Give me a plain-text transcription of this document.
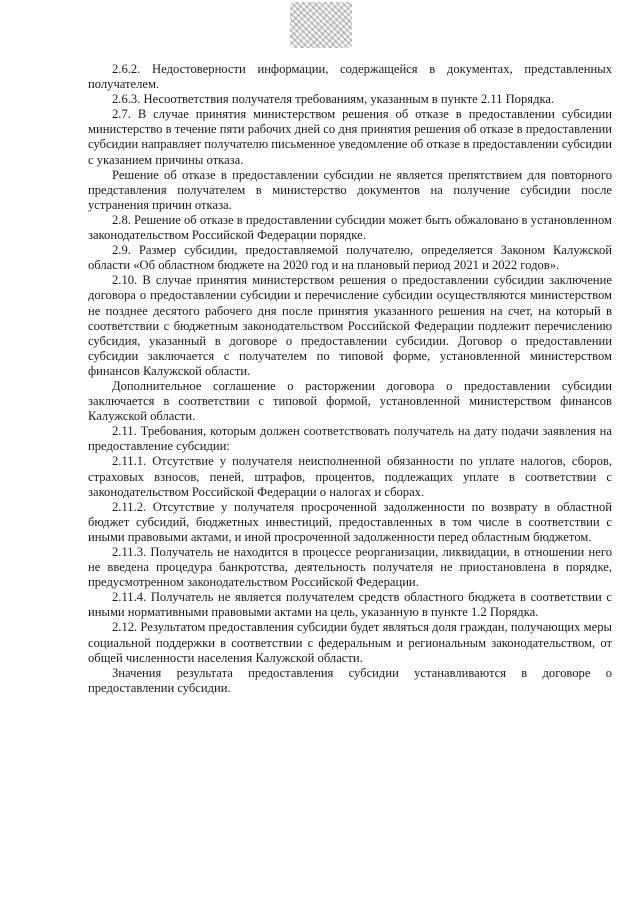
2.6.2. Недостоверности информации, содержащейся в документах, представленных получателем.

2.6.3. Несоответствия получателя требованиям, указанным в пункте 2.11 Порядка.

2.7. В случае принятия министерством решения об отказе в предоставлении субсидии министерство в течение пяти рабочих дней со дня принятия решения об отказе в предоставлении субсидии направляет получателю письменное уведомление об отказе в предоставлении субсидии с указанием причины отказа.

Решение об отказе в предоставлении субсидии не является препятствием для повторного представления получателем в министерство документов на получение субсидии после устранения причин отказа.

2.8. Решение об отказе в предоставлении субсидии может быть обжаловано в установленном законодательством Российской Федерации порядке.

2.9. Размер субсидии, предоставляемой получателю, определяется Законом Калужской области «Об областном бюджете на 2020 год и на плановый период 2021 и 2022 годов».

2.10. В случае принятия министерством решения о предоставлении субсидии заключение договора о предоставлении субсидии и перечисление субсидии осуществляются министерством не позднее десятого рабочего дня после принятия указанного решения на счет, на который в соответствии с бюджетным законодательством Российской Федерации подлежит перечислению субсидия, указанный в договоре о предоставлении субсидии. Договор о предоставлении субсидии заключается с получателем по типовой форме, установленной министерством финансов Калужской области.

Дополнительное соглашение о расторжении договора о предоставлении субсидии заключается в соответствии с типовой формой, установленной министерством финансов Калужской области.

2.11. Требования, которым должен соответствовать получатель на дату подачи заявления на предоставление субсидии:

2.11.1. Отсутствие у получателя неисполненной обязанности по уплате налогов, сборов, страховых взносов, пеней, штрафов, процентов, подлежащих уплате в соответствии с законодательством Российской Федерации о налогах и сборах.

2.11.2. Отсутствие у получателя просроченной задолженности по возврату в областной бюджет субсидий, бюджетных инвестиций, предоставленных в том числе в соответствии с иными правовыми актами, и иной просроченной задолженности перед областным бюджетом.

2.11.3. Получатель не находится в процессе реорганизации, ликвидации, в отношении него не введена процедура банкротства, деятельность получателя не приостановлена в порядке, предусмотренном законодательством Российской Федерации.

2.11.4. Получатель не является получателем средств областного бюджета в соответствии с иными нормативными правовыми актами на цель, указанную в пункте 1.2 Порядка.

2.12. Результатом предоставления субсидии будет являться доля граждан, получающих меры социальной поддержки в соответствии с федеральным и региональным законодательством, от общей численности населения Калужской области.

Значения результата предоставления субсидии устанавливаются в договоре о предоставлении субсидии.
